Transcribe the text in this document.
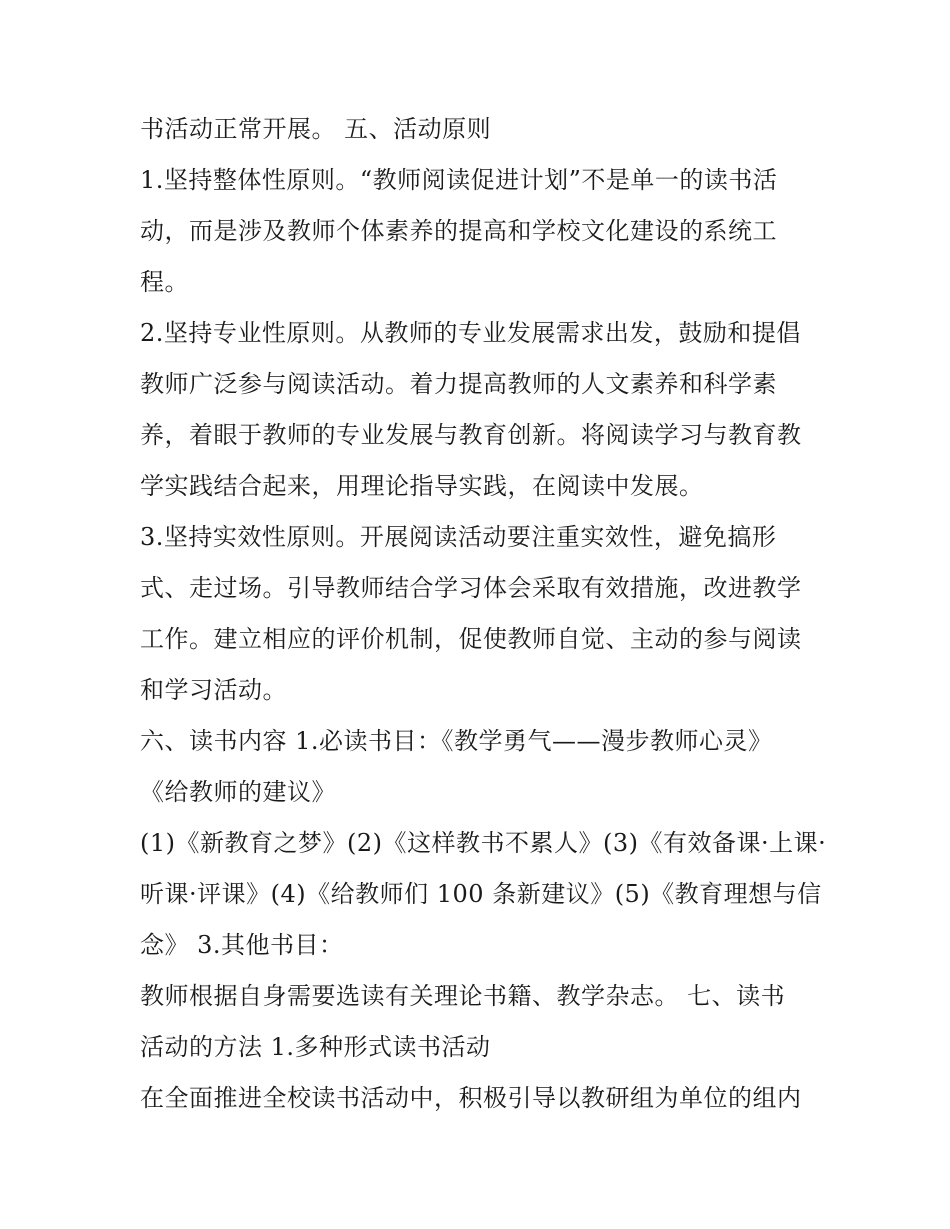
书活动正常开展。 五、活动原则
1.坚持整体性原则。“教师阅读促进计划”不是单一的读书活
动，而是涉及教师个体素养的提高和学校文化建设的系统工
程。
2.坚持专业性原则。从教师的专业发展需求出发，鼓励和提倡
教师广泛参与阅读活动。着力提高教师的人文素养和科学素
养，着眼于教师的专业发展与教育创新。将阅读学习与教育教
学实践结合起来，用理论指导实践，在阅读中发展。
3.坚持实效性原则。开展阅读活动要注重实效性，避免搞形
式、走过场。引导教师结合学习体会采取有效措施，改进教学
工作。建立相应的评价机制，促使教师自觉、主动的参与阅读
和学习活动。
六、读书内容 1.必读书目：《教学勇气——漫步教师心灵》
《给教师的建议》
(1)《新教育之梦》(2)《这样教书不累人》(3)《有效备课·上课·
听课·评课》(4)《给教师们 100 条新建议》(5)《教育理想与信
念》 3.其他书目：
教师根据自身需要选读有关理论书籍、教学杂志。 七、读书
活动的方法 1.多种形式读书活动
在全面推进全校读书活动中，积极引导以教研组为单位的组内
